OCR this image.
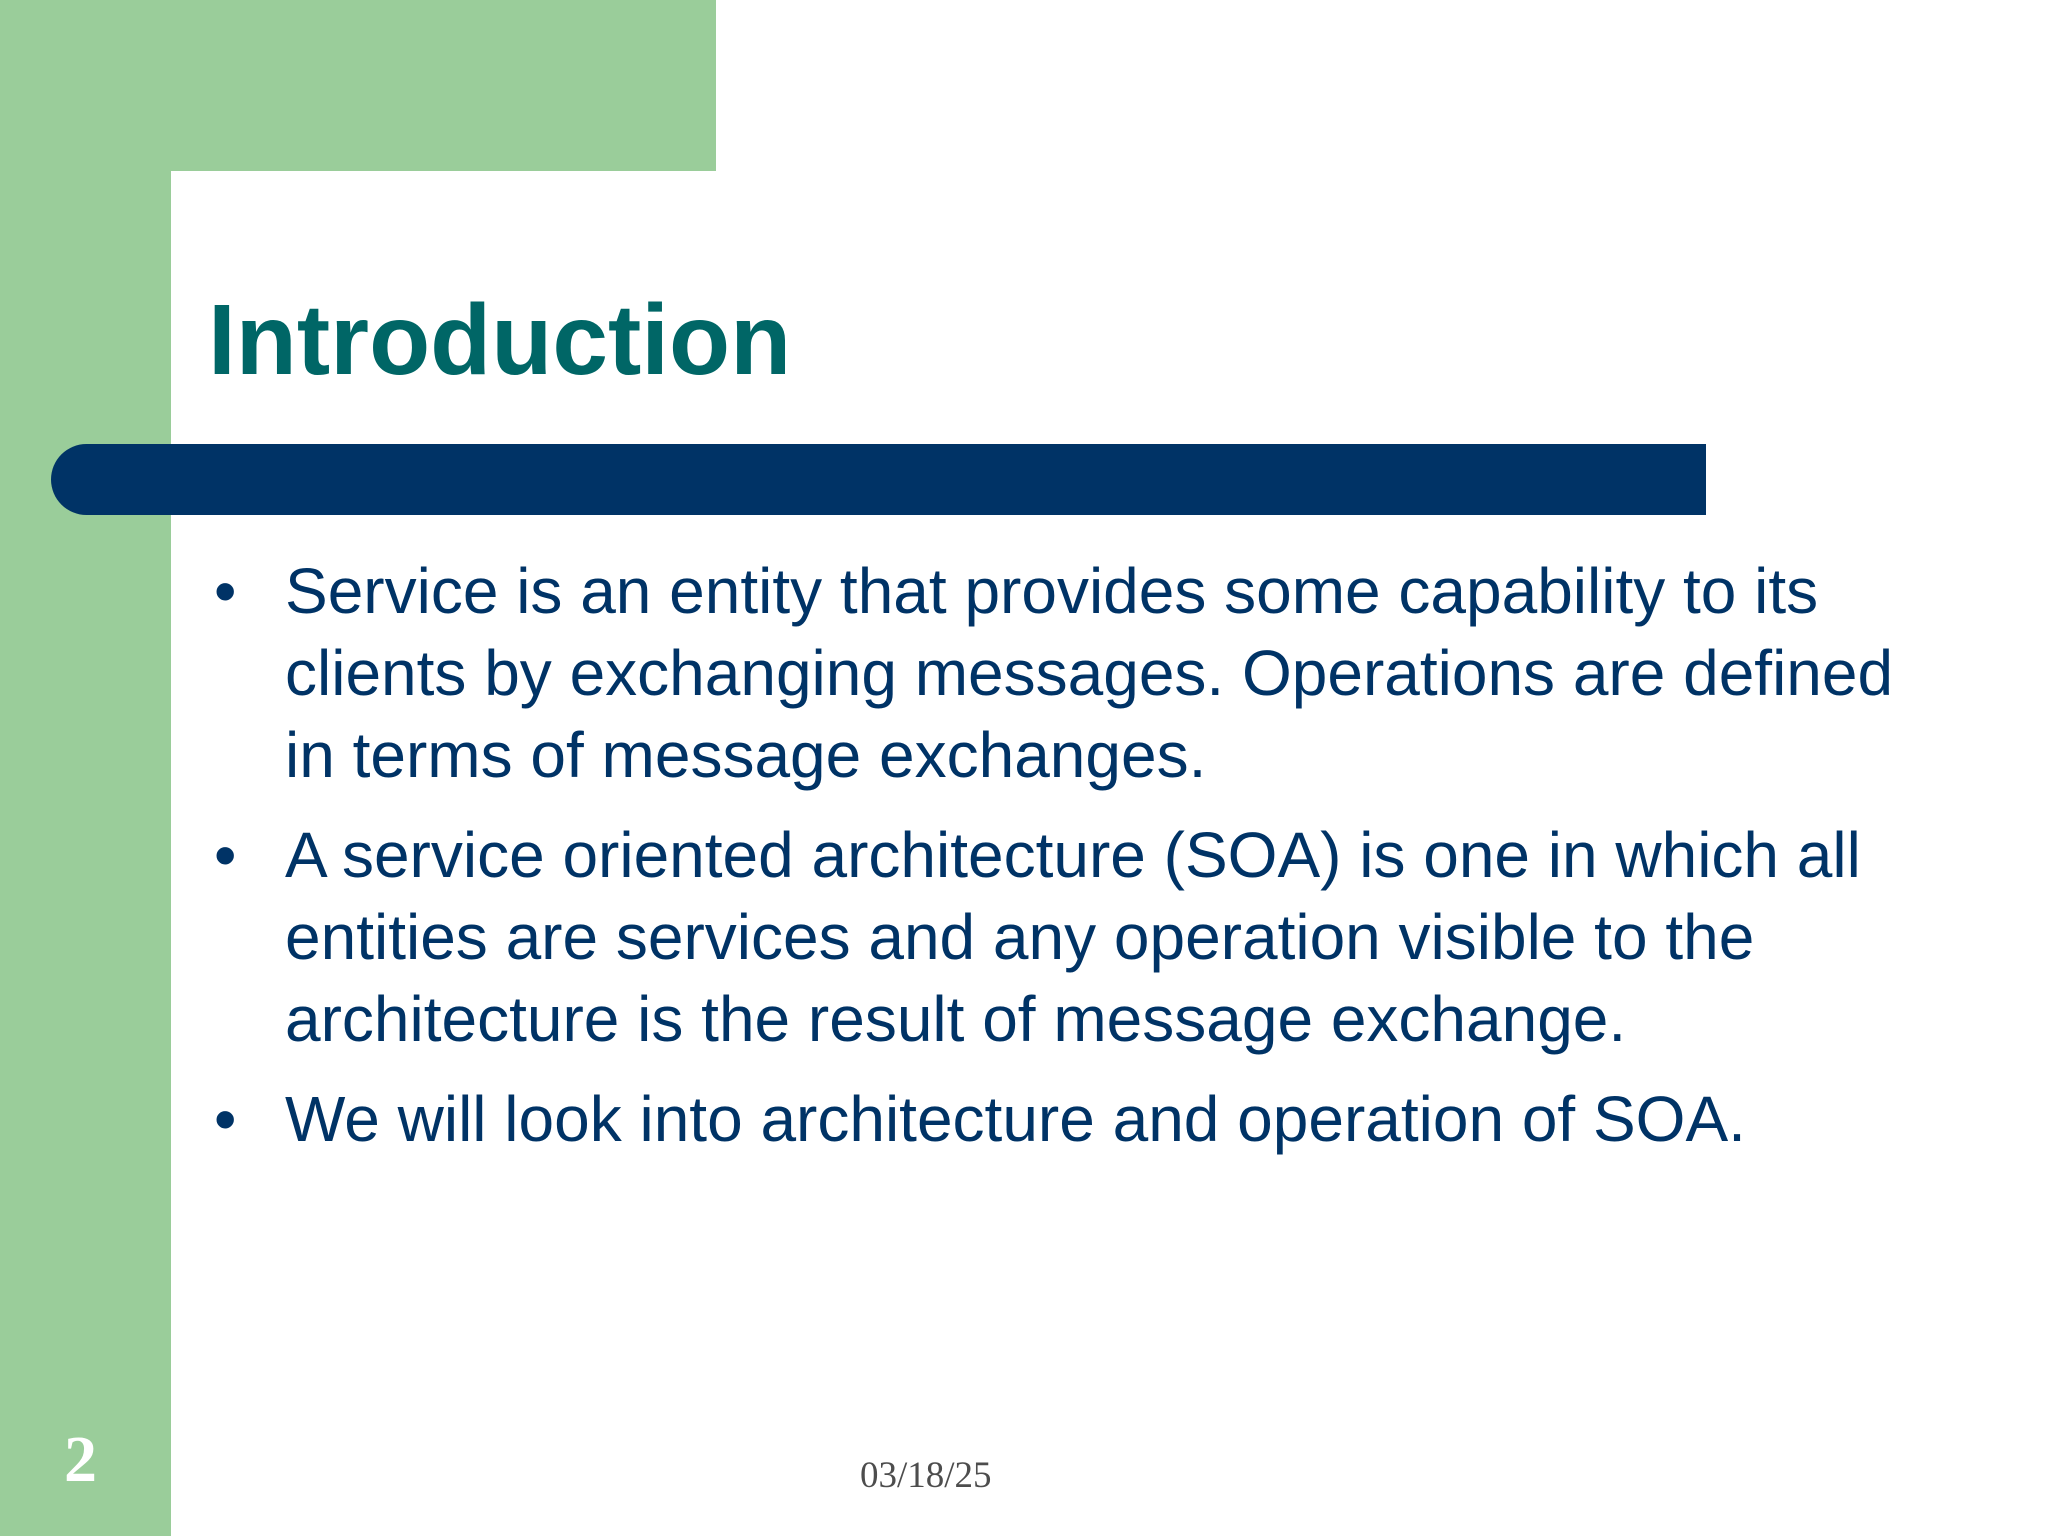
Introduction
• Service is an entity that provides some capability to its clients by exchanging messages. Operations are defined in terms of message exchanges.
• A service oriented architecture (SOA) is one in which all entities are services and any operation visible to the architecture is the result of message exchange.
• We will look into architecture and operation of SOA.
2	03/18/25
